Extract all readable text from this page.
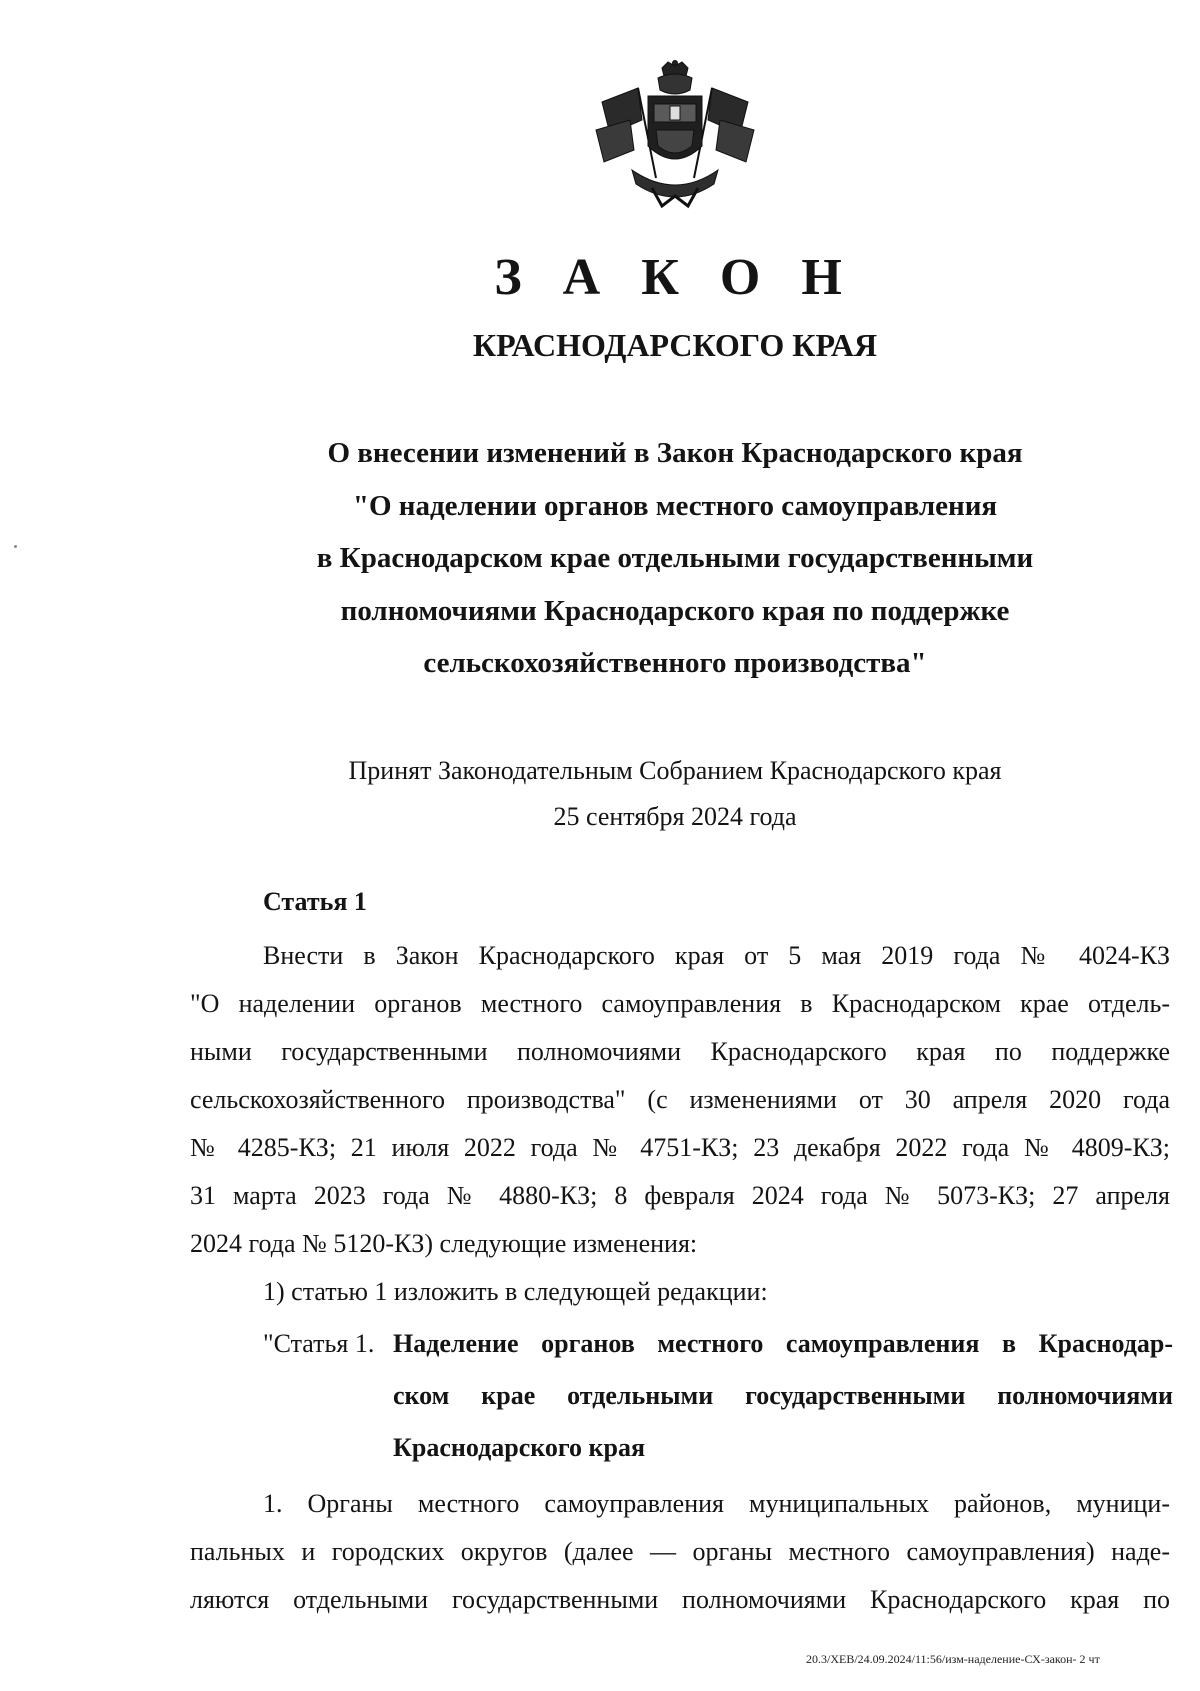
З А К О Н
КРАСНОДАРСКОГО КРАЯ
О внесении изменений в Закон Краснодарского края
"О наделении органов местного самоуправления
в Краснодарском крае отдельными государственными
полномочиями Краснодарского края по поддержке
сельскохозяйственного производства"
Принят Законодательным Собранием Краснодарского края
25 сентября 2024 года
Статья 1
Внести в Закон Краснодарского края от 5 мая 2019 года № 4024-КЗ
"О наделении органов местного самоуправления в Краснодарском крае отдель-
ными государственными полномочиями Краснодарского края по поддержке
сельскохозяйственного производства" (с изменениями от 30 апреля 2020 года
№ 4285-КЗ; 21 июля 2022 года № 4751-КЗ; 23 декабря 2022 года № 4809-КЗ;
31 марта 2023 года № 4880-КЗ; 8 февраля 2024 года № 5073-КЗ; 27 апреля
2024 года № 5120-КЗ) следующие изменения:
1) статью 1 изложить в следующей редакции:
"Статья 1. Наделение органов местного самоуправления в Краснодар-
ском крае отдельными государственными полномочиями
Краснодарского края
1. Органы местного самоуправления муниципальных районов, муници-
пальных и городских округов (далее — органы местного самоуправления) наде-
ляются отдельными государственными полномочиями Краснодарского края по
20.3/ХЕВ/24.09.2024/11:56/изм-наделение-СХ-закон- 2 чт
